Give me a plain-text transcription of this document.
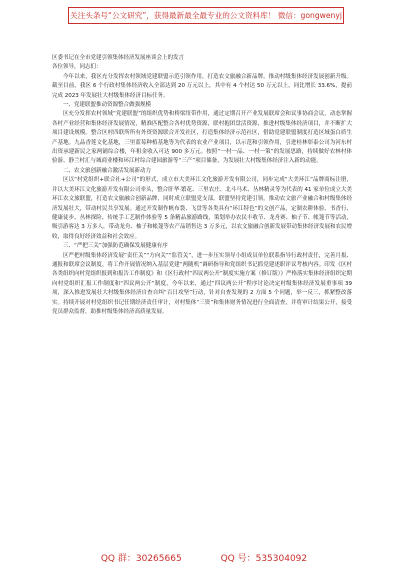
关注头条号“公文研究”，获得最新最全最专业的公文资料库！ 微信：gongwenyj
区委书记在全市党建引领集体经济发展座谈会上的发言
各位领导，同志们：

今年以来，我区充分发挥农村领域党建联盟示范引领作用，打造农文旅融合新品牌，推动村级集体经济发展创新升级。截至目前，我区 6 个行政村集体经济收入全部达到 20 万元以上，其中有 4 个村达 50 万元以上，同比增长 33.6%，提前完成 2023 年发展壮大村级集体经济目标任务。

一、党建联盟推动资源整合做强规模

区充分发挥农村领域“党建联盟”的组织优势和桥梁纽带作用，通过定期召开产业发展联席会和议事协商会议，动态掌握各村产业经营和集体经济发展情况，精准匹配整合各村优势资源，联村抱团盘活资源，推进村级集体经济项目，并不断扩大项目建设规模。整合区村四联所所有外资资源联合开发社区，打造集体经济示范社区，借助党建联盟制度打造区域蛋白质生产基地。九品香莲文化基地，三里蓝莓种植基地等为代表的农业产业项目，以示范和引领作用，引进桂林彰泰公司为河东村出资承建新民之家两铺综合楼，年租金收入可达 900 多万元。按照“一村一品、一村一策”的发展思路，持续做好农林村体验游、静兰村汇与城商业楼和环江村综合建园旅游等“三产”项目储备，为发展壮大村级集体经济注入新的动能。

二、农文旅创新融合激活发展新动力

区以“村党组织+联合社+公司”的形式，成立市大美环江文化旅游开发有限公司，同步完成“大美环江”品牌商标注册，并以大美环江文化旅游开发有限公司牵头，整合肝华·繁花、三里农庄、北斗马术、丛林精灵等为代表的 41 家单位成立大美环江农文旅联盟，打造农文旅融合创新品牌，同时成立联盟党支部。联盟坚持党建引领，推动农文旅产业融合和村级集体经济发展壮大，带动村民共享发展。通过开发制作帆布袋、飞盘等各类具有“环江特色”的文创产品，定制农耕体验、书香行、健康徒步、丛林探险、传统手工艺制作体验等 5 条精品旅游路线，策划举办农民丰收节、龙舟赛、柚子节、帐篷节等活动，吸引游客达 3 万多人，带动龙舟、柚子和帐篷等农产品销售达 3 万多元，以农文旅融合创新发展带动集体经济发展和农民增收，取得良好经济效益和社会效应。

三、“严把三关”加强防范确保发展健康有序

区严把村级集体经济发展“责任关”“方向关”“监管关”，进一步压实领导小组成员单位联系指导行政村责任，完善月报、通报和联席会议制度，将工作开展情况纳入基层党建“两随机”调研指导和党组织书记抓党建述职评议考核内容。印发《区村各类组织向村党组织报到和报告工作制度》和《区行政村“四议两公开”制度实施方案（修订版）》严格落实集体经济组织定期向村党组织汇报工作制度和“四议两公开”制度，今年以来，通过“四议两公开”程序讨论决定村级集体经济发展重事项 39 项，深入推进发展壮大村级集体经济自查自纠“百日攻坚”行动，针对自查发现的 2 方面 5 个问题，举一反三，抓紧整改落实。持续开展对村党组织书记任期经济责任审计，对村集体“三资”和集体财务情况进行全面清查，并将审计结果公开，接受党员群众监督，助推村级集体经济高质量发展。

QQ 群：30265665	QQ 号：535304092
